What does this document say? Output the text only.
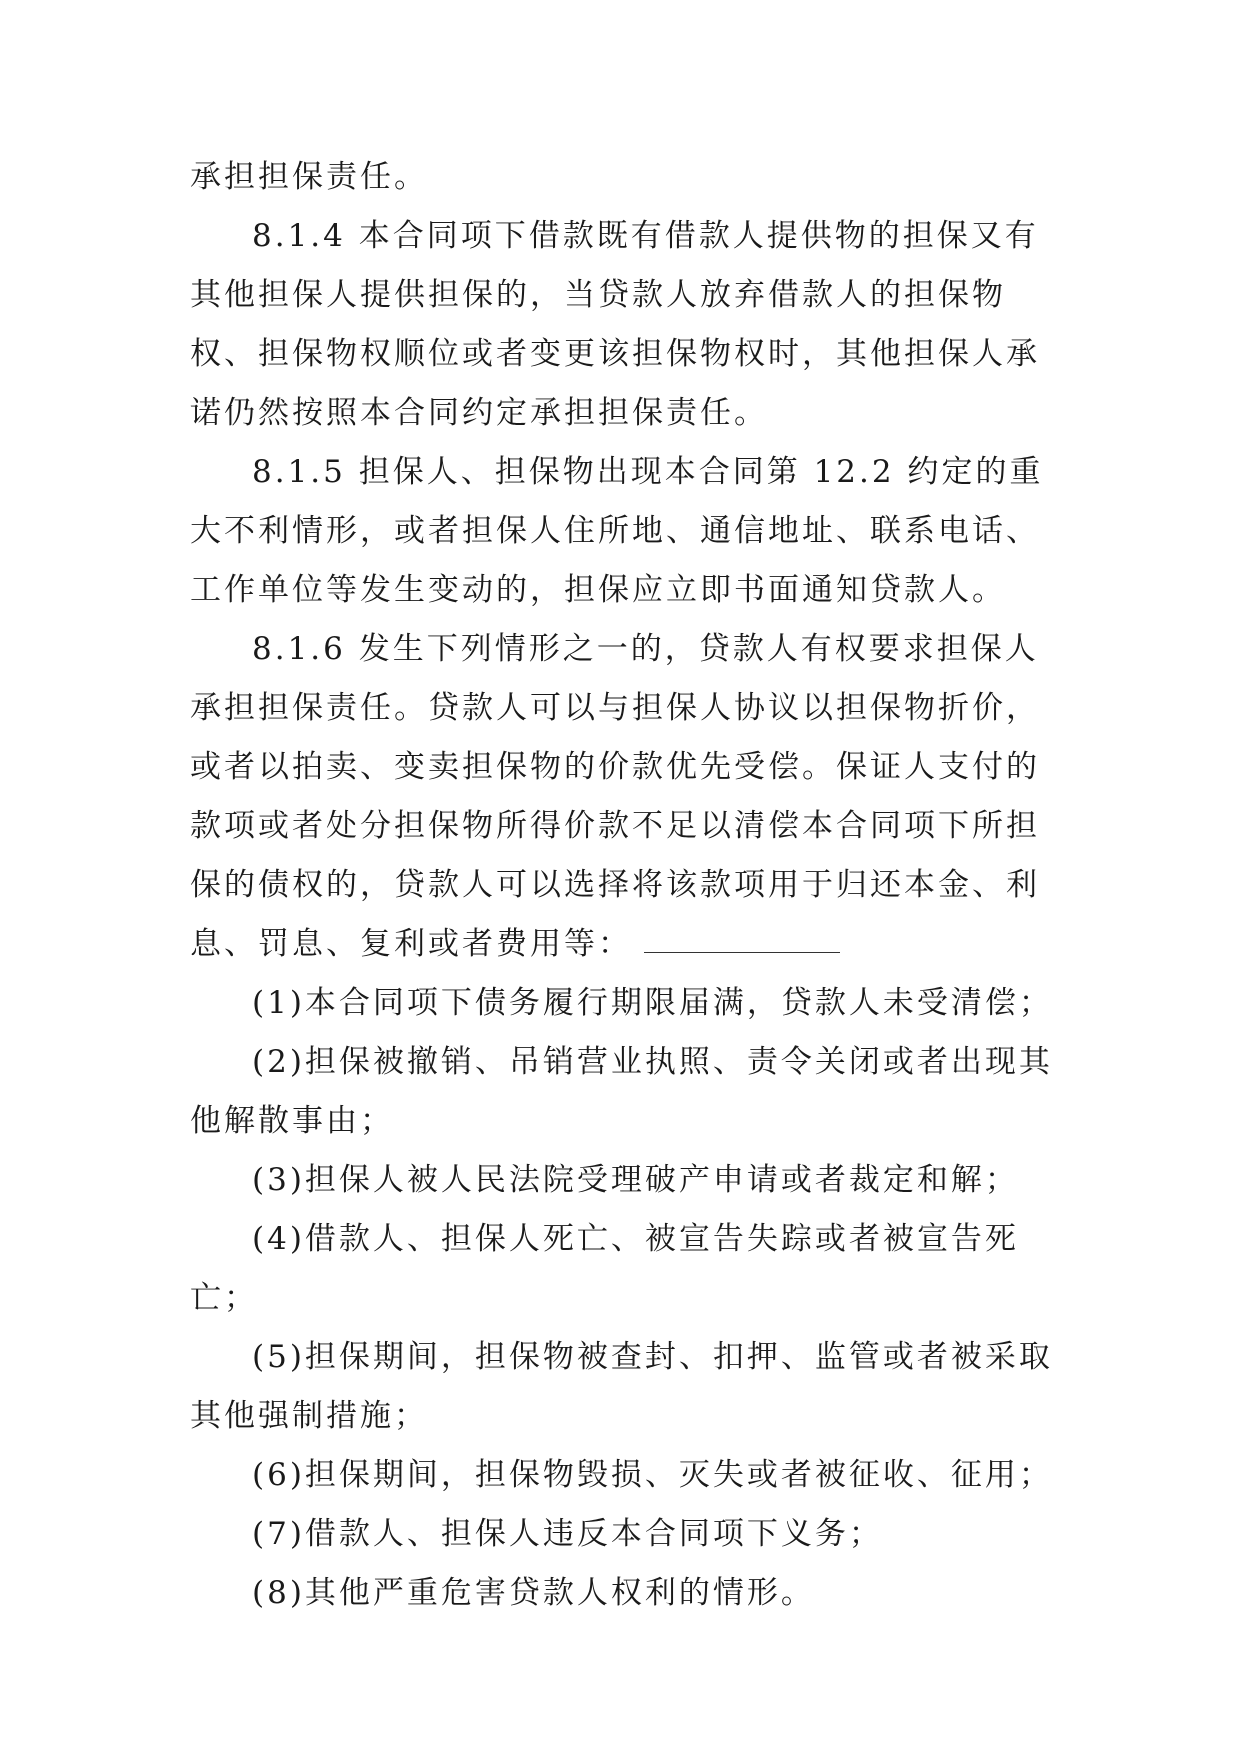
承担担保责任。

8.1.4 本合同项下借款既有借款人提供物的担保又有其他担保人提供担保的，当贷款人放弃借款人的担保物权、担保物权顺位或者变更该担保物权时，其他担保人承诺仍然按照本合同约定承担担保责任。

8.1.5 担保人、担保物出现本合同第 12.2 约定的重大不利情形，或者担保人住所地、通信地址、联系电话、工作单位等发生变动的，担保应立即书面通知贷款人。

8.1.6 发生下列情形之一的，贷款人有权要求担保人承担担保责任。贷款人可以与担保人协议以担保物折价，或者以拍卖、变卖担保物的价款优先受偿。保证人支付的款项或者处分担保物所得价款不足以清偿本合同项下所担保的债权的，贷款人可以选择将该款项用于归还本金、利息、罚息、复利或者费用等：

(1)本合同项下债务履行期限届满，贷款人未受清偿；

(2)担保被撤销、吊销营业执照、责令关闭或者出现其他解散事由；

(3)担保人被人民法院受理破产申请或者裁定和解；

(4)借款人、担保人死亡、被宣告失踪或者被宣告死亡；

(5)担保期间，担保物被查封、扣押、监管或者被采取其他强制措施；

(6)担保期间，担保物毁损、灭失或者被征收、征用；

(7)借款人、担保人违反本合同项下义务；

(8)其他严重危害贷款人权利的情形。
